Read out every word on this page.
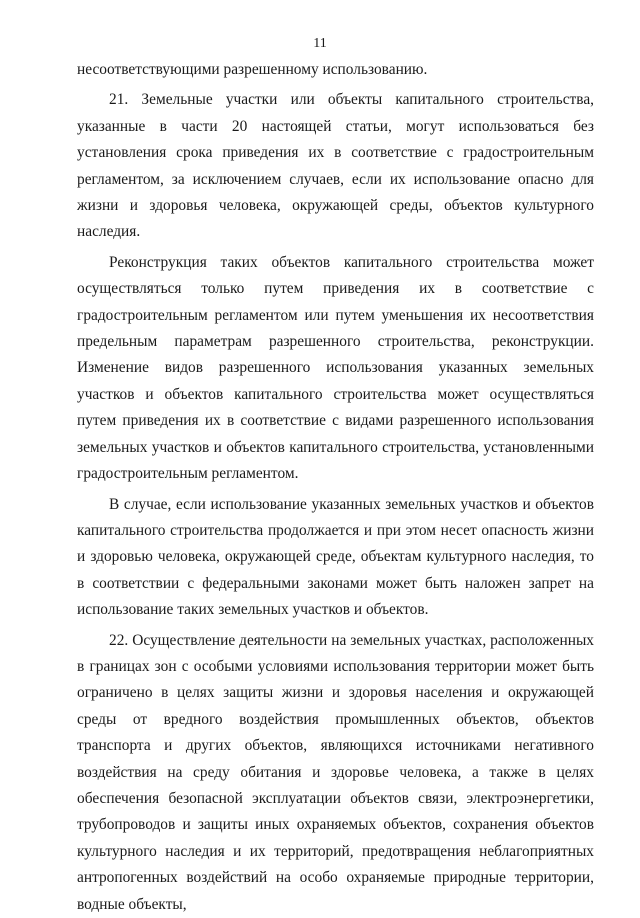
11

несоответствующими разрешенному использованию.

21. Земельные участки или объекты капитального строительства, указанные в части 20 настоящей статьи, могут использоваться без установления срока приведения их в соответствие с градостроительным регламентом, за исключением случаев, если их использование опасно для жизни и здоровья человека, окружающей среды, объектов культурного наследия.

Реконструкция таких объектов капитального строительства может осуществляться только путем приведения их в соответствие с градостроительным регламентом или путем уменьшения их несоответствия предельным параметрам разрешенного строительства, реконструкции. Изменение видов разрешенного использования указанных земельных участков и объектов капитального строительства может осуществляться путем приведения их в соответствие с видами разрешенного использования земельных участков и объектов капитального строительства, установленными градостроительным регламентом.

В случае, если использование указанных земельных участков и объектов капитального строительства продолжается и при этом несет опасность жизни и здоровью человека, окружающей среде, объектам культурного наследия, то в соответствии с федеральными законами может быть наложен запрет на использование таких земельных участков и объектов.

22. Осуществление деятельности на земельных участках, расположенных в границах зон с особыми условиями использования территории может быть ограничено в целях защиты жизни и здоровья населения и окружающей среды от вредного воздействия промышленных объектов, объектов транспорта и других объектов, являющихся источниками негативного воздействия на среду обитания и здоровье человека, а также в целях обеспечения безопасной эксплуатации объектов связи, электроэнергетики, трубопроводов и защиты иных охраняемых объектов, сохранения объектов культурного наследия и их территорий, предотвращения неблагоприятных антропогенных воздействий на особо охраняемые природные территории, водные объекты,
